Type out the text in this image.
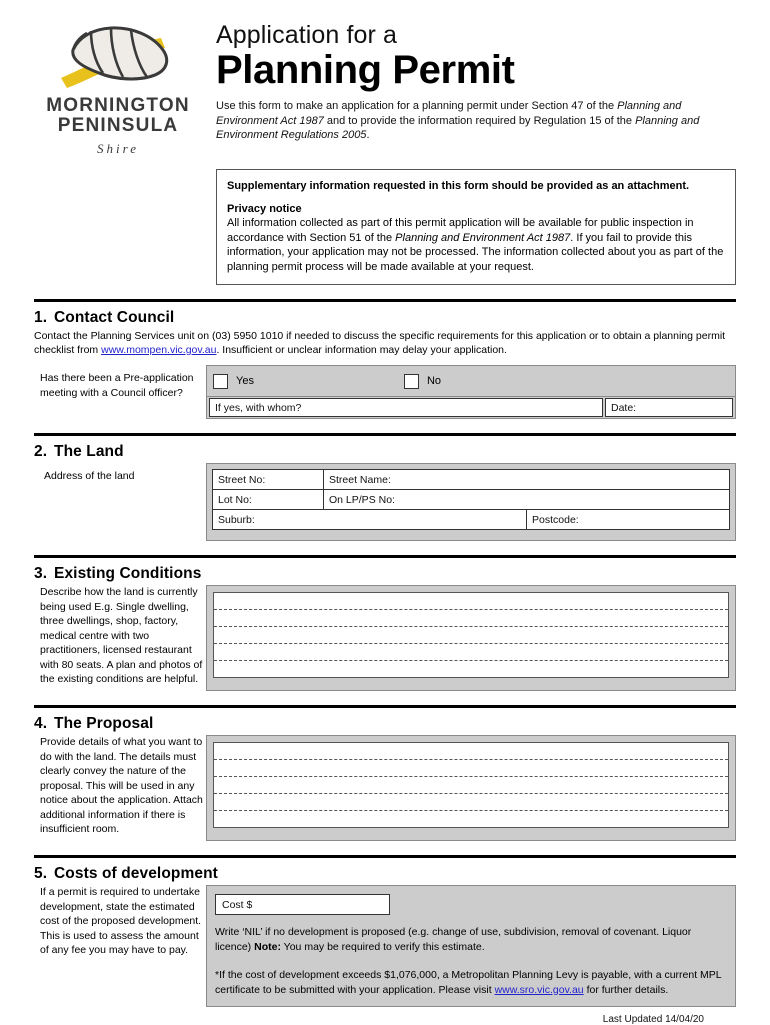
MORNINGTON
PENINSULA
Shire
Application for a
Planning Permit
Use this form to make an application for a planning permit under Section 47 of the Planning and Environment Act 1987 and to provide the information required by Regulation 15 of the Planning and Environment Regulations 2005.
Supplementary information requested in this form should be provided as an attachment.
Privacy notice
All information collected as part of this permit application will be available for public inspection in accordance with Section 51 of the Planning and Environment Act 1987. If you fail to provide this information, your application may not be processed. The information collected about you as part of the planning permit process will be made available at your request.
1. Contact Council
Contact the Planning Services unit on (03) 5950 1010 if needed to discuss the specific requirements for this application or to obtain a planning permit checklist from www.mompen.vic.gov.au. Insufficient or unclear information may delay your application.
Has there been a Pre-application meeting with a Council officer?
Yes	No
If yes, with whom?	Date:
2. The Land
Address of the land	Street No:	Street Name:	
Lot No:	On LP/PS No:	
Suburb:		Postcode:
3. Existing Conditions
Describe how the land is currently being used E.g. Single dwelling, three dwellings, shop, factory, medical centre with two practitioners, licensed restaurant with 80 seats. A plan and photos of the existing conditions are helpful.
4. The Proposal
Provide details of what you want to do with the land. The details must clearly convey the nature of the proposal. This will be used in any notice about the application. Attach additional information if there is insufficient room.
5. Costs of development
If a permit is required to undertake development, state the estimated cost of the proposed development. This is used to assess the amount of any fee you may have to pay.
Cost $
Write ‘NIL’ if no development is proposed (e.g. change of use, subdivision, removal of covenant. Liquor licence) Note: You may be required to verify this estimate.
*If the cost of development exceeds $1,076,000, a Metropolitan Planning Levy is payable, with a current MPL certificate to be submitted with your application. Please visit www.sro.vic.gov.au for further details.
Last Updated 14/04/20
